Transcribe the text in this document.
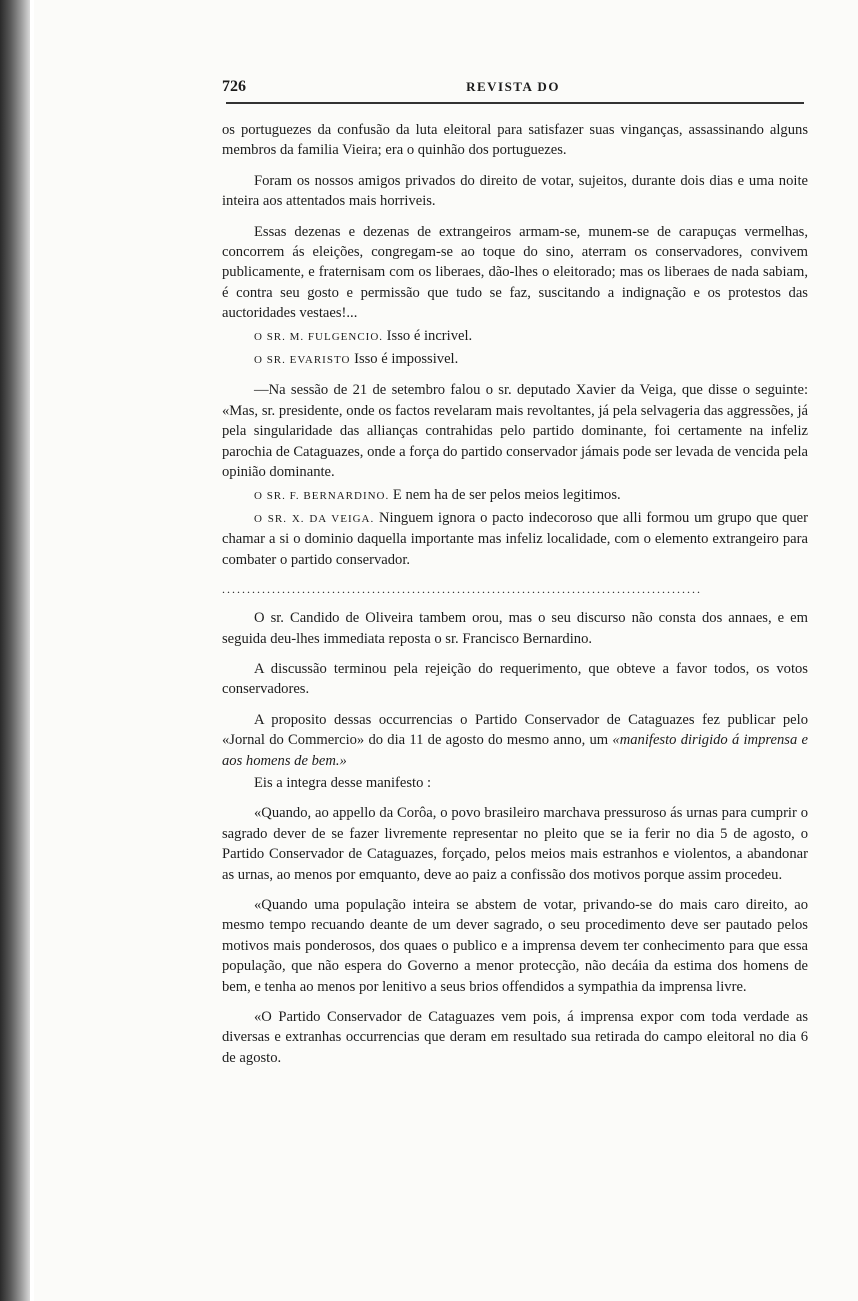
726	REVISTA DO

os portuguezes da confusão da luta eleitoral para satisfazer suas vinganças, assassinando alguns membros da familia Vieira; era o quinhão dos portuguezes.

Foram os nossos amigos privados do direito de votar, sujeitos, durante dois dias e uma noite inteira aos attentados mais horriveis.

Essas dezenas e dezenas de extrangeiros armam-se, munem-se de carapuças vermelhas, concorrem ás eleições, congregam-se ao toque do sino, aterram os conservadores, convivem publicamente, e fraternisam com os liberaes, dão-lhes o eleitorado; mas os liberaes de nada sabiam, é contra seu gosto e permissão que tudo se faz, suscitando a indignação e os protestos das auctoridades vestaes!...

O SR. M. FULGENCIO. Isso é incrivel.

O SR. EVARISTO Isso é impossivel.

—Na sessão de 21 de setembro falou o sr. deputado Xavier da Veiga, que disse o seguinte: «Mas, sr. presidente, onde os factos revelaram mais revoltantes, já pela selvageria das aggressões, já pela singularidade das allianças contrahidas pelo partido dominante, foi certamente na infeliz parochia de Cataguazes, onde a força do partido conservador jámais pode ser levada de vencida pela opinião dominante.

O SR. F. BERNARDINO. E nem ha de ser pelos meios legitimos.

O SR. X. DA VEIGA. Ninguem ignora o pacto indecoroso que alli formou um grupo que quer chamar a si o dominio daquella importante mas infeliz localidade, com o elemento extrangeiro para combater o partido conservador.

................................................................................................

O sr. Candido de Oliveira tambem orou, mas o seu discurso não consta dos annaes, e em seguida deu-lhes immediata reposta o sr. Francisco Bernardino.

A discussão terminou pela rejeição do requerimento, que obteve a favor todos, os votos conservadores.

A proposito dessas occurrencias o Partido Conservador de Cataguazes fez publicar pelo «Jornal do Commercio» do dia 11 de agosto do mesmo anno, um «manifesto dirigido á imprensa e aos homens de bem.»

Eis a integra desse manifesto :

«Quando, ao appello da Corôa, o povo brasileiro marchava pressuroso ás urnas para cumprir o sagrado dever de se fazer livremente representar no pleito que se ia ferir no dia 5 de agosto, o Partido Conservador de Cataguazes, forçado, pelos meios mais estranhos e violentos, a abandonar as urnas, ao menos por emquanto, deve ao paiz a confissão dos motivos porque assim procedeu.

«Quando uma população inteira se abstem de votar, privando-se do mais caro direito, ao mesmo tempo recuando deante de um dever sagrado, o seu procedimento deve ser pautado pelos motivos mais ponderosos, dos quaes o publico e a imprensa devem ter conhecimento para que essa população, que não espera do Governo a menor protecção, não decáia da estima dos homens de bem, e tenha ao menos por lenitivo a seus brios offendidos a sympathia da imprensa livre.

«O Partido Conservador de Cataguazes vem pois, á imprensa expor com toda verdade as diversas e extranhas occurrencias que deram em resultado sua retirada do campo eleitoral no dia 6 de agosto.
